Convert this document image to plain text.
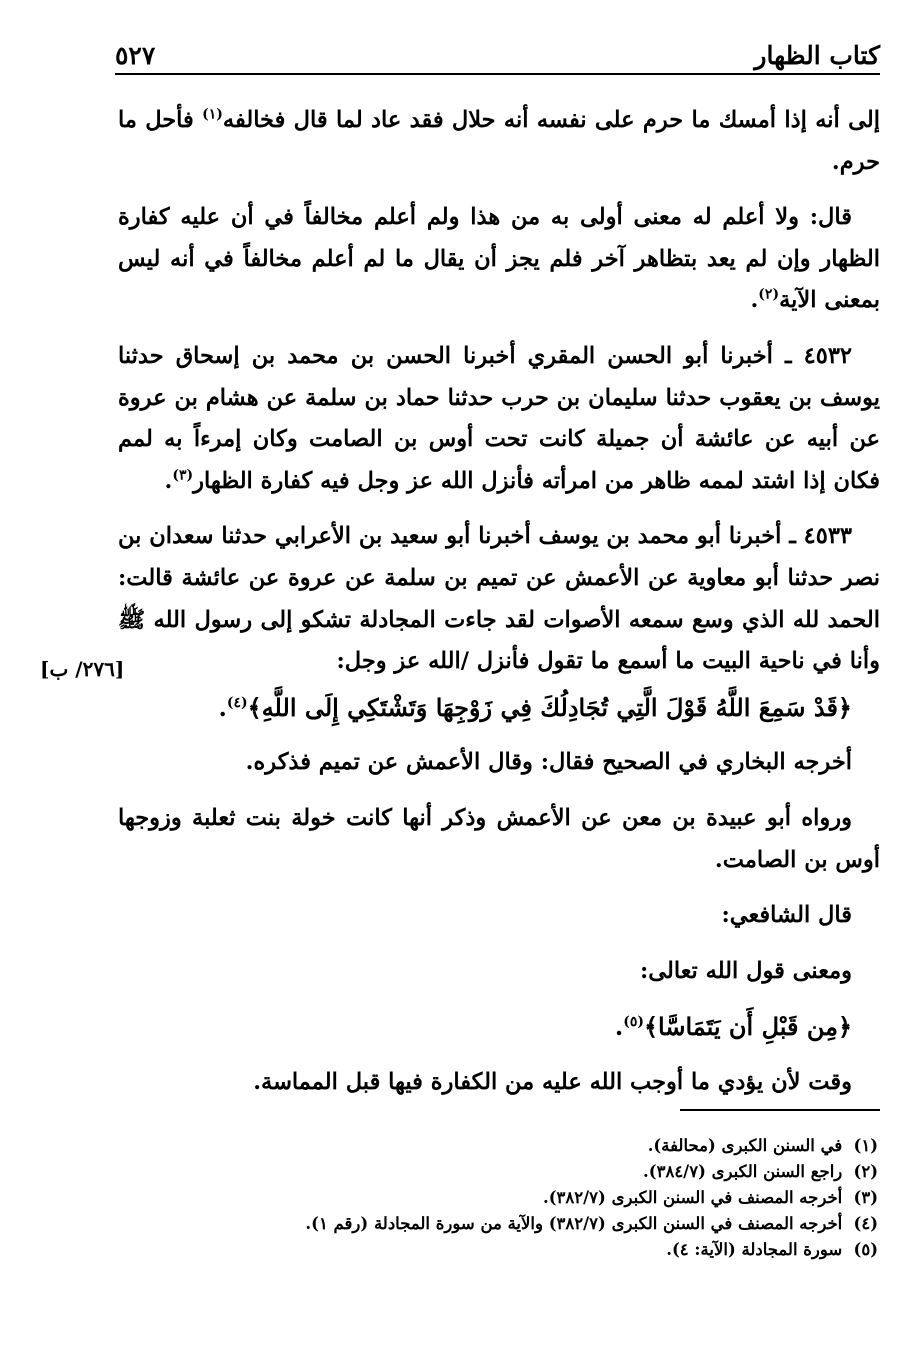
٥٢٧	كتاب الظهار
[٢٧٦/ ب]

إلى أنه إذا أمسك ما حرم على نفسه أنه حلال فقد عاد لما قال فخالفه$^{(١)}$ فأحل ما حرم.

قال: ولا أعلم له معنى أولى به من هذا ولم أعلم مخالفاً في أن عليه كفارة الظهار وإن لم يعد بتظاهر آخر فلم يجز أن يقال ما لم أعلم مخالفاً في أنه ليس بمعنى الآية$^{(٢)}$.

٤٥٣٢ ـ أخبرنا أبو الحسن المقري أخبرنا الحسن بن محمد بن إسحاق حدثنا يوسف بن يعقوب حدثنا سليمان بن حرب حدثنا حماد بن سلمة عن هشام بن عروة عن أبيه عن عائشة أن جميلة كانت تحت أوس بن الصامت وكان إمرءاً به لمم فكان إذا اشتد لممه ظاهر من امرأته فأنزل الله عز وجل فيه كفارة الظهار$^{(٣)}$.

٤٥٣٣ ـ أخبرنا أبو محمد بن يوسف أخبرنا أبو سعيد بن الأعرابي حدثنا سعدان بن نصر حدثنا أبو معاوية عن الأعمش عن تميم بن سلمة عن عروة عن عائشة قالت: الحمد لله الذي وسع سمعه الأصوات لقد جاءت المجادلة تشكو إلى رسول الله ﷺ وأنا في ناحية البيت ما أسمع ما تقول فأنزل /الله عز وجل:

﴿قَدْ سَمِعَ اللَّهُ قَوْلَ الَّتِي تُجَادِلُكَ فِي زَوْجِهَا وَتَشْتَكِي إِلَى اللَّهِ﴾$^{(٤)}$.

أخرجه البخاري في الصحيح فقال: وقال الأعمش عن تميم فذكره.

ورواه أبو عبيدة بن معن عن الأعمش وذكر أنها كانت خولة بنت ثعلبة وزوجها أوس بن الصامت.

قال الشافعي:

ومعنى قول الله تعالى:

﴿مِن قَبْلِ أَن يَتَمَاسَّا﴾$^{(٥)}$.

وقت لأن يؤدي ما أوجب الله عليه من الكفارة فيها قبل المماسة.

(١) في السنن الكبرى (محالفة).
(٢) راجع السنن الكبرى (٣٨٤/٧).
(٣) أخرجه المصنف في السنن الكبرى (٣٨٢/٧).
(٤) أخرجه المصنف في السنن الكبرى (٣٨٢/٧) والآية من سورة المجادلة (رقم ١).
(٥) سورة المجادلة (الآية: ٤).
